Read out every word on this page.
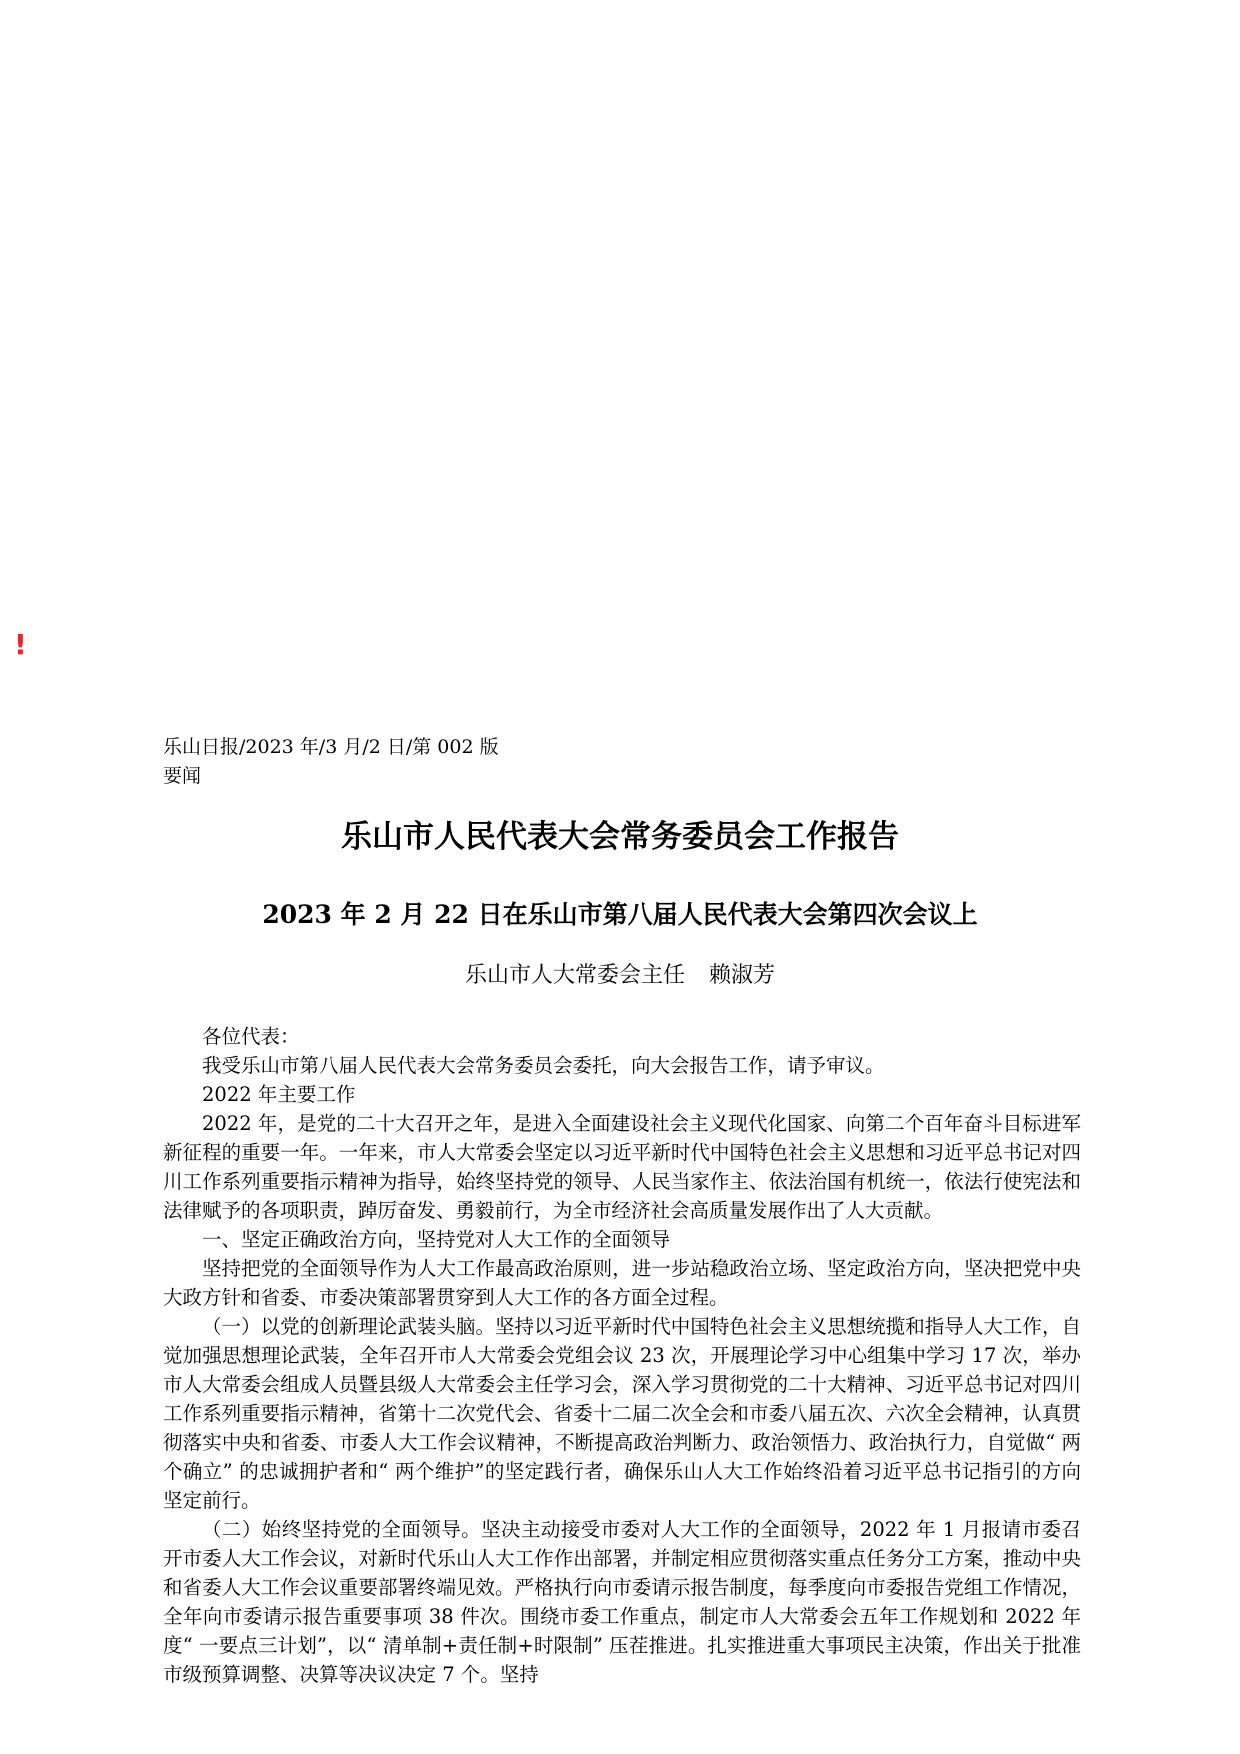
!
乐山日报/2023 年/3 月/2 日/第 002 版要闻
乐山市人民代表大会常务委员会工作报告
2023 年 2 月 22 日在乐山市第八届人民代表大会第四次会议上
乐山市人大常委会主任 赖淑芳

各位代表：

我受乐山市第八届人民代表大会常务委员会委托，向大会报告工作，请予审议。

2022 年主要工作

2022 年，是党的二十大召开之年，是进入全面建设社会主义现代化国家、向第二个百年奋斗目标进军新征程的重要一年。一年来，市人大常委会坚定以习近平新时代中国特色社会主义思想和习近平总书记对四川工作系列重要指示精神为指导，始终坚持党的领导、人民当家作主、依法治国有机统一，依法行使宪法和法律赋予的各项职责，踔厉奋发、勇毅前行，为全市经济社会高质量发展作出了人大贡献。

一、坚定正确政治方向，坚持党对人大工作的全面领导

坚持把党的全面领导作为人大工作最高政治原则，进一步站稳政治立场、坚定政治方向，坚决把党中央大政方针和省委、市委决策部署贯穿到人大工作的各方面全过程。

（一）以党的创新理论武装头脑。坚持以习近平新时代中国特色社会主义思想统揽和指导人大工作，自觉加强思想理论武装，全年召开市人大常委会党组会议 23 次，开展理论学习中心组集中学习 17 次，举办市人大常委会组成人员暨县级人大常委会主任学习会，深入学习贯彻党的二十大精神、习近平总书记对四川工作系列重要指示精神，省第十二次党代会、省委十二届二次全会和市委八届五次、六次全会精神，认真贯彻落实中央和省委、市委人大工作会议精神，不断提高政治判断力、政治领悟力、政治执行力，自觉做“ 两个确立” 的忠诚拥护者和“ 两个维护”的坚定践行者，确保乐山人大工作始终沿着习近平总书记指引的方向坚定前行。

（二）始终坚持党的全面领导。坚决主动接受市委对人大工作的全面领导，2022 年 1 月报请市委召开市委人大工作会议，对新时代乐山人大工作作出部署，并制定相应贯彻落实重点任务分工方案，推动中央和省委人大工作会议重要部署终端见效。严格执行向市委请示报告制度，每季度向市委报告党组工作情况，全年向市委请示报告重要事项 38 件次。围绕市委工作重点，制定市人大常委会五年工作规划和 2022 年度“ 一要点三计划”，以“ 清单制+责任制+时限制” 压茬推进。扎实推进重大事项民主决策，作出关于批准市级预算调整、决算等决议决定 7 个。坚持
